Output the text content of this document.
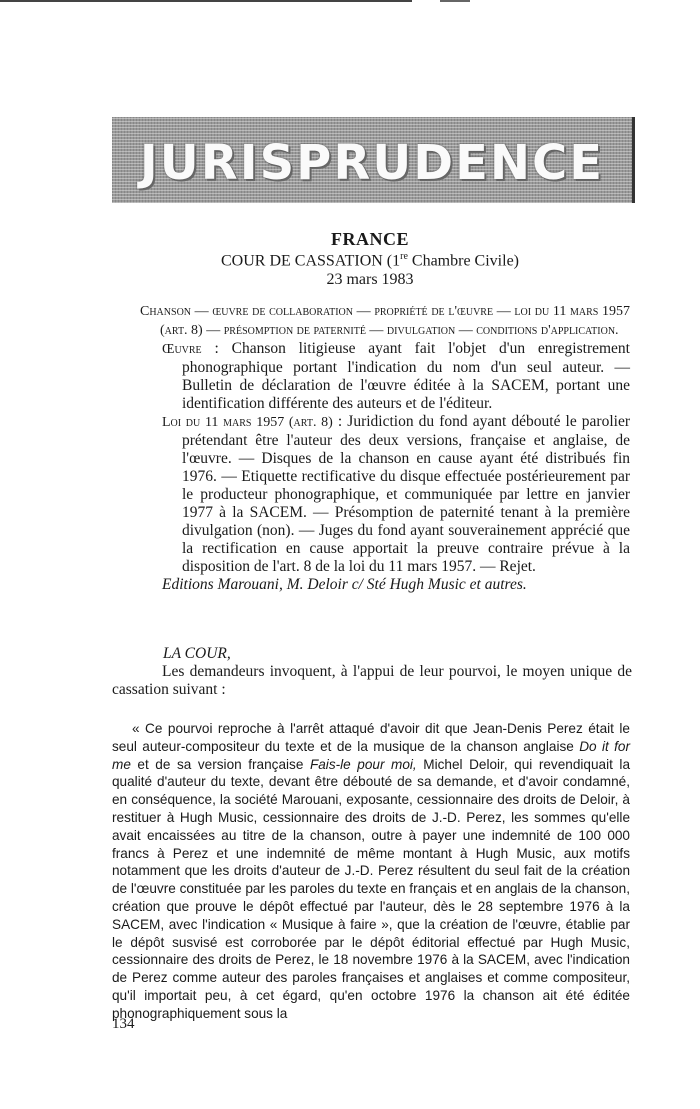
JURISPRUDENCE
FRANCE
COUR DE CASSATION (1re Chambre Civile)
23 mars 1983

Chanson — œuvre de collaboration — propriété de l'œuvre — loi du 11 mars 1957 (art. 8) — présomption de paternité — divulgation — conditions d'application.

Œuvre : Chanson litigieuse ayant fait l'objet d'un enregistrement phonographique portant l'indication du nom d'un seul auteur. — Bulletin de déclaration de l'œuvre éditée à la SACEM, portant une identification différente des auteurs et de l'éditeur.

Loi du 11 mars 1957 (art. 8) : Juridiction du fond ayant débouté le parolier prétendant être l'auteur des deux versions, française et anglaise, de l'œuvre. — Disques de la chanson en cause ayant été distribués fin 1976. — Etiquette rectificative du disque effectuée postérieurement par le producteur phonographique, et communiquée par lettre en janvier 1977 à la SACEM. — Présomption de paternité tenant à la première divulgation (non). — Juges du fond ayant souverainement apprécié que la rectification en cause apportait la preuve contraire prévue à la disposition de l'art. 8 de la loi du 11 mars 1957. — Rejet.

Editions Marouani, M. Deloir c/ Sté Hugh Music et autres.

LA COUR,
Les demandeurs invoquent, à l'appui de leur pourvoi, le moyen unique de cassation suivant :
« Ce pourvoi reproche à l'arrêt attaqué d'avoir dit que Jean-Denis Perez était le seul auteur-compositeur du texte et de la musique de la chanson anglaise Do it for me et de sa version française Fais-le pour moi, Michel Deloir, qui revendiquait la qualité d'auteur du texte, devant être débouté de sa demande, et d'avoir condamné, en conséquence, la société Marouani, exposante, cessionnaire des droits de Deloir, à restituer à Hugh Music, cessionnaire des droits de J.-D. Perez, les sommes qu'elle avait encaissées au titre de la chanson, outre à payer une indemnité de 100 000 francs à Perez et une indemnité de même montant à Hugh Music, aux motifs notamment que les droits d'auteur de J.-D. Perez résultent du seul fait de la création de l'œuvre constituée par les paroles du texte en français et en anglais de la chanson, création que prouve le dépôt effectué par l'auteur, dès le 28 septembre 1976 à la SACEM, avec l'indication « Musique à faire », que la création de l'œuvre, établie par le dépôt susvisé est corroborée par le dépôt éditorial effectué par Hugh Music, cessionnaire des droits de Perez, le 18 novembre 1976 à la SACEM, avec l'indication de Perez comme auteur des paroles françaises et anglaises et comme compositeur, qu'il importait peu, à cet égard, qu'en octobre 1976 la chanson ait été éditée phonographiquement sous la
134
